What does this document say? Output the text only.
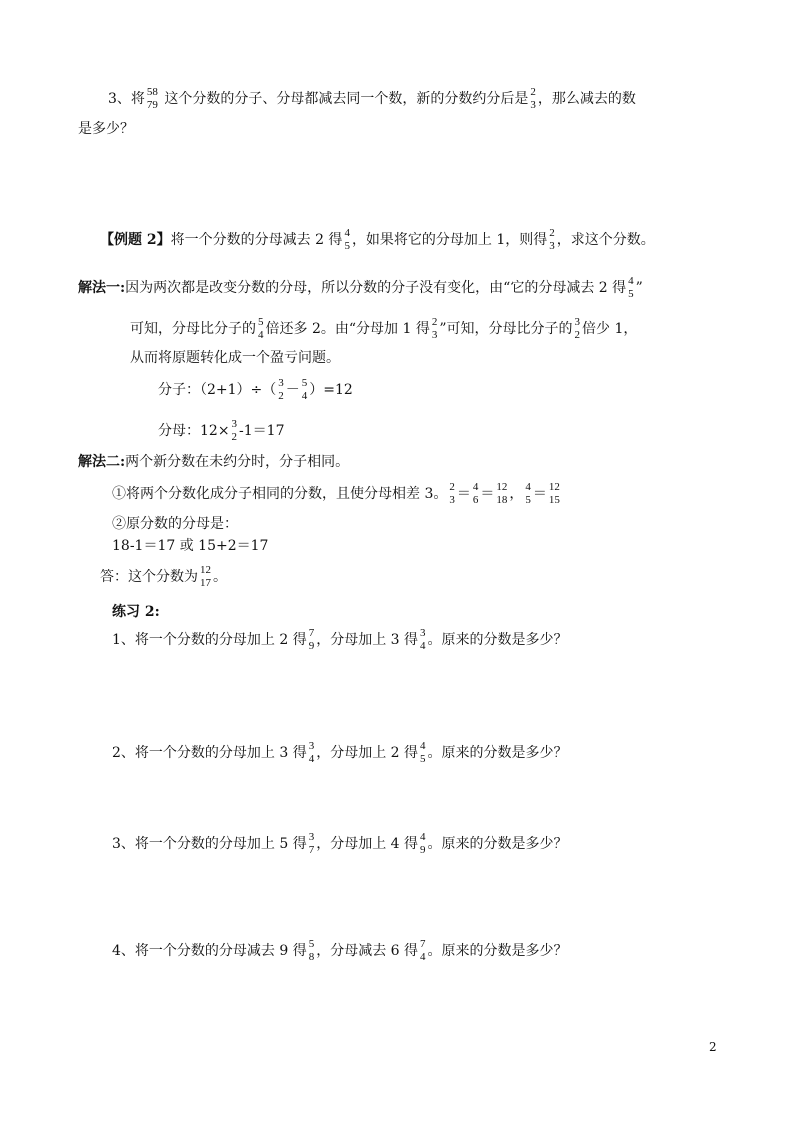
3、将 58
79 这个分数的分子、分母都减去同一个数，新的分数约分后是 2
3 ，那么减去的数
是多少？
【例题 2】将一个分数的分母减去 2 得 4
5 ，如果将它的分母加上 1，则得 2
3 ，求这个分数。
解法一:因为两次都是改变分数的分母，所以分数的分子没有变化，由“它的分母减去 2 得 4
5 ”
可知，分母比分子的 5
4 倍还多 2。由“分母加 1 得 2
3 ”可知，分母比分子的 3
2 倍少 1，
从而将原题转化成一个盈亏问题。
分子：（2+1）÷（ 3
2 － 5
4 ）=12
分母：12× 3
2 -1＝17
解法二:两个新分数在未约分时，分子相同。
①将两个分数化成分子相同的分数，且使分母相差 3。 2
3 ＝ 4
6 ＝ 12
18 ， 4
5 ＝ 12
15
②原分数的分母是：
18-1＝17 或 15+2＝17
答：这个分数为 12
17 。
练习 2:
1、将一个分数的分母加上 2 得 7
9 ，分母加上 3 得 3
4 。原来的分数是多少？
2、将一个分数的分母加上 3 得 3
4 ，分母加上 2 得 4
5 。原来的分数是多少？
3、将一个分数的分母加上 5 得 3
7 ，分母加上 4 得 4
9 。原来的分数是多少？
4、将一个分数的分母减去 9 得 5
8 ，分母减去 6 得 7
4 。原来的分数是多少？
2
